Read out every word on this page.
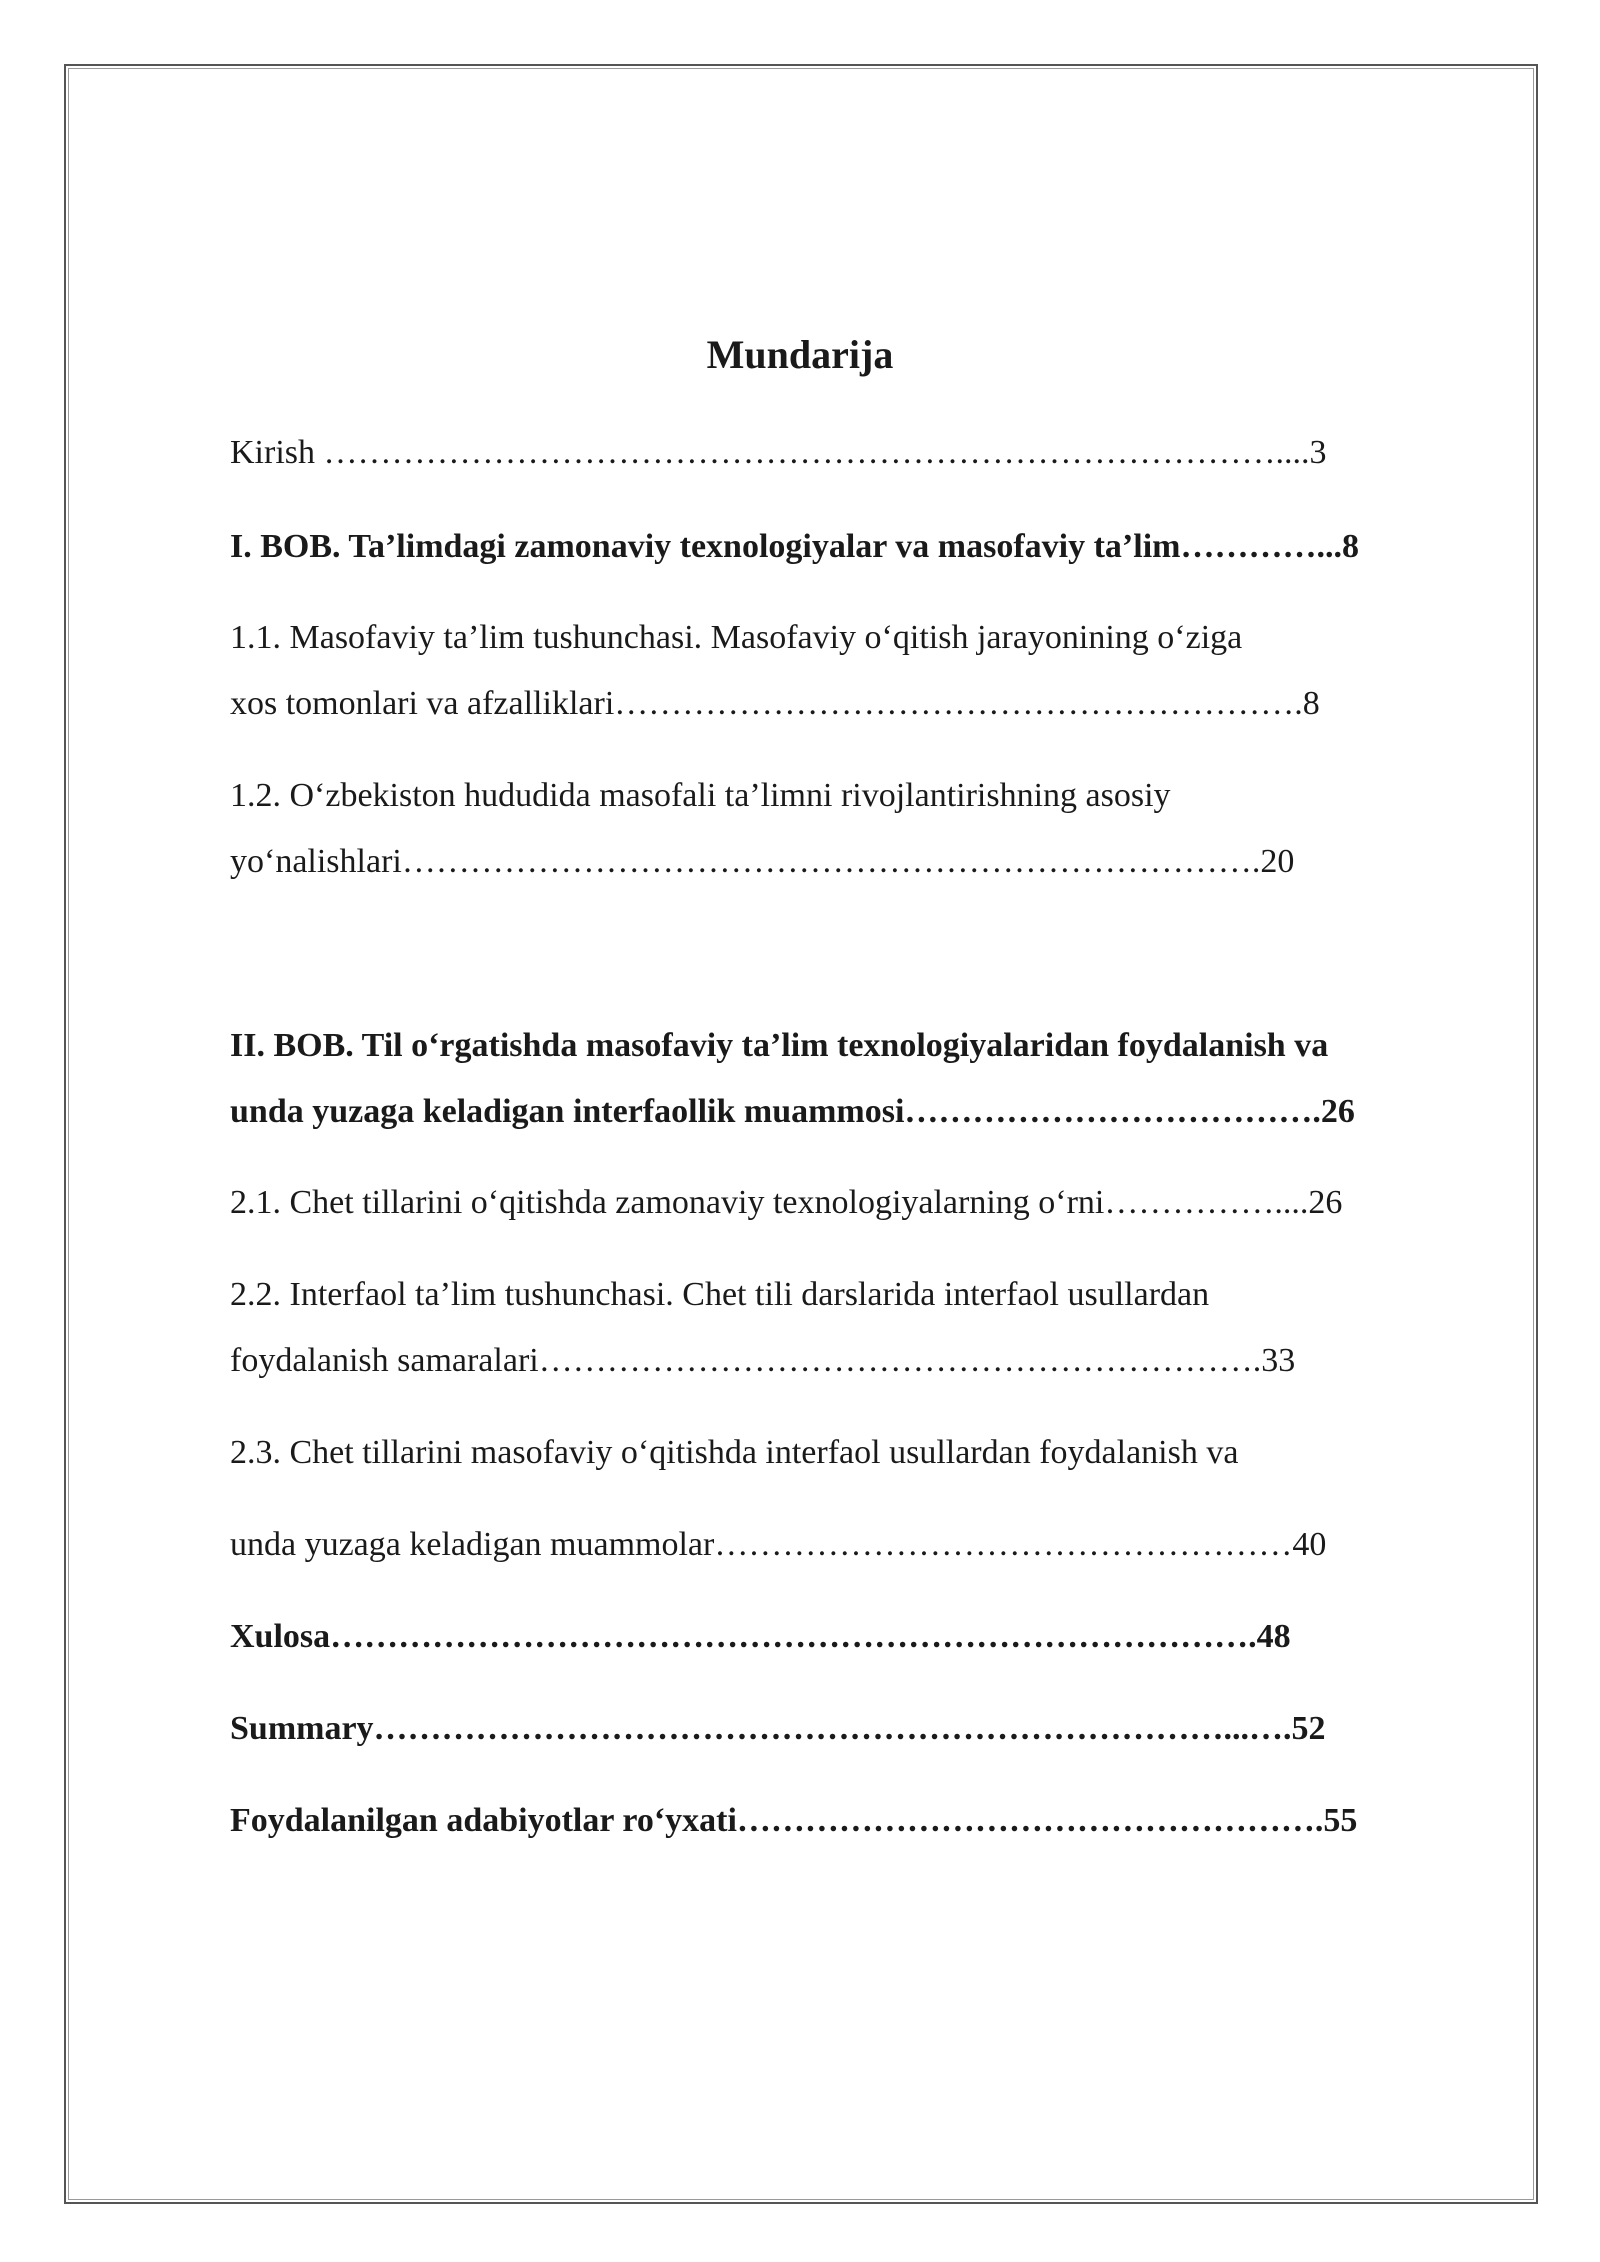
Mundarija
Kirish …………………………………………………………………………....3
I. BOB. Ta’limdagi zamonaviy texnologiyalar va masofaviy ta’lim…………...8
1.1. Masofaviy ta’lim tushunchasi. Masofaviy o‘qitish jarayonining o‘ziga
xos tomonlari va afzalliklari…………………………………………………….8
1.2. O‘zbekiston hududida masofali ta’limni rivojlantirishning asosiy
yo‘nalishlari………………………………………………………………….20
II. BOB. Til o‘rgatishda masofaviy ta’lim texnologiyalaridan foydalanish va
unda yuzaga keladigan interfaollik muammosi……………………………….26
2.1. Chet tillarini o‘qitishda zamonaviy texnologiyalarning o‘rni……………....26
2.2. Interfaol ta’lim tushunchasi. Chet tili darslarida interfaol usullardan
foydalanish samaralari……………………………………………………….33
2.3. Chet tillarini masofaviy o‘qitishda interfaol usullardan foydalanish va
unda yuzaga keladigan muammolar……………………………………………40
Xulosa……………………………………………………………………….48
Summary…………………………………………………………………...….52
Foydalanilgan adabiyotlar ro‘yxati…………………………………………….55
